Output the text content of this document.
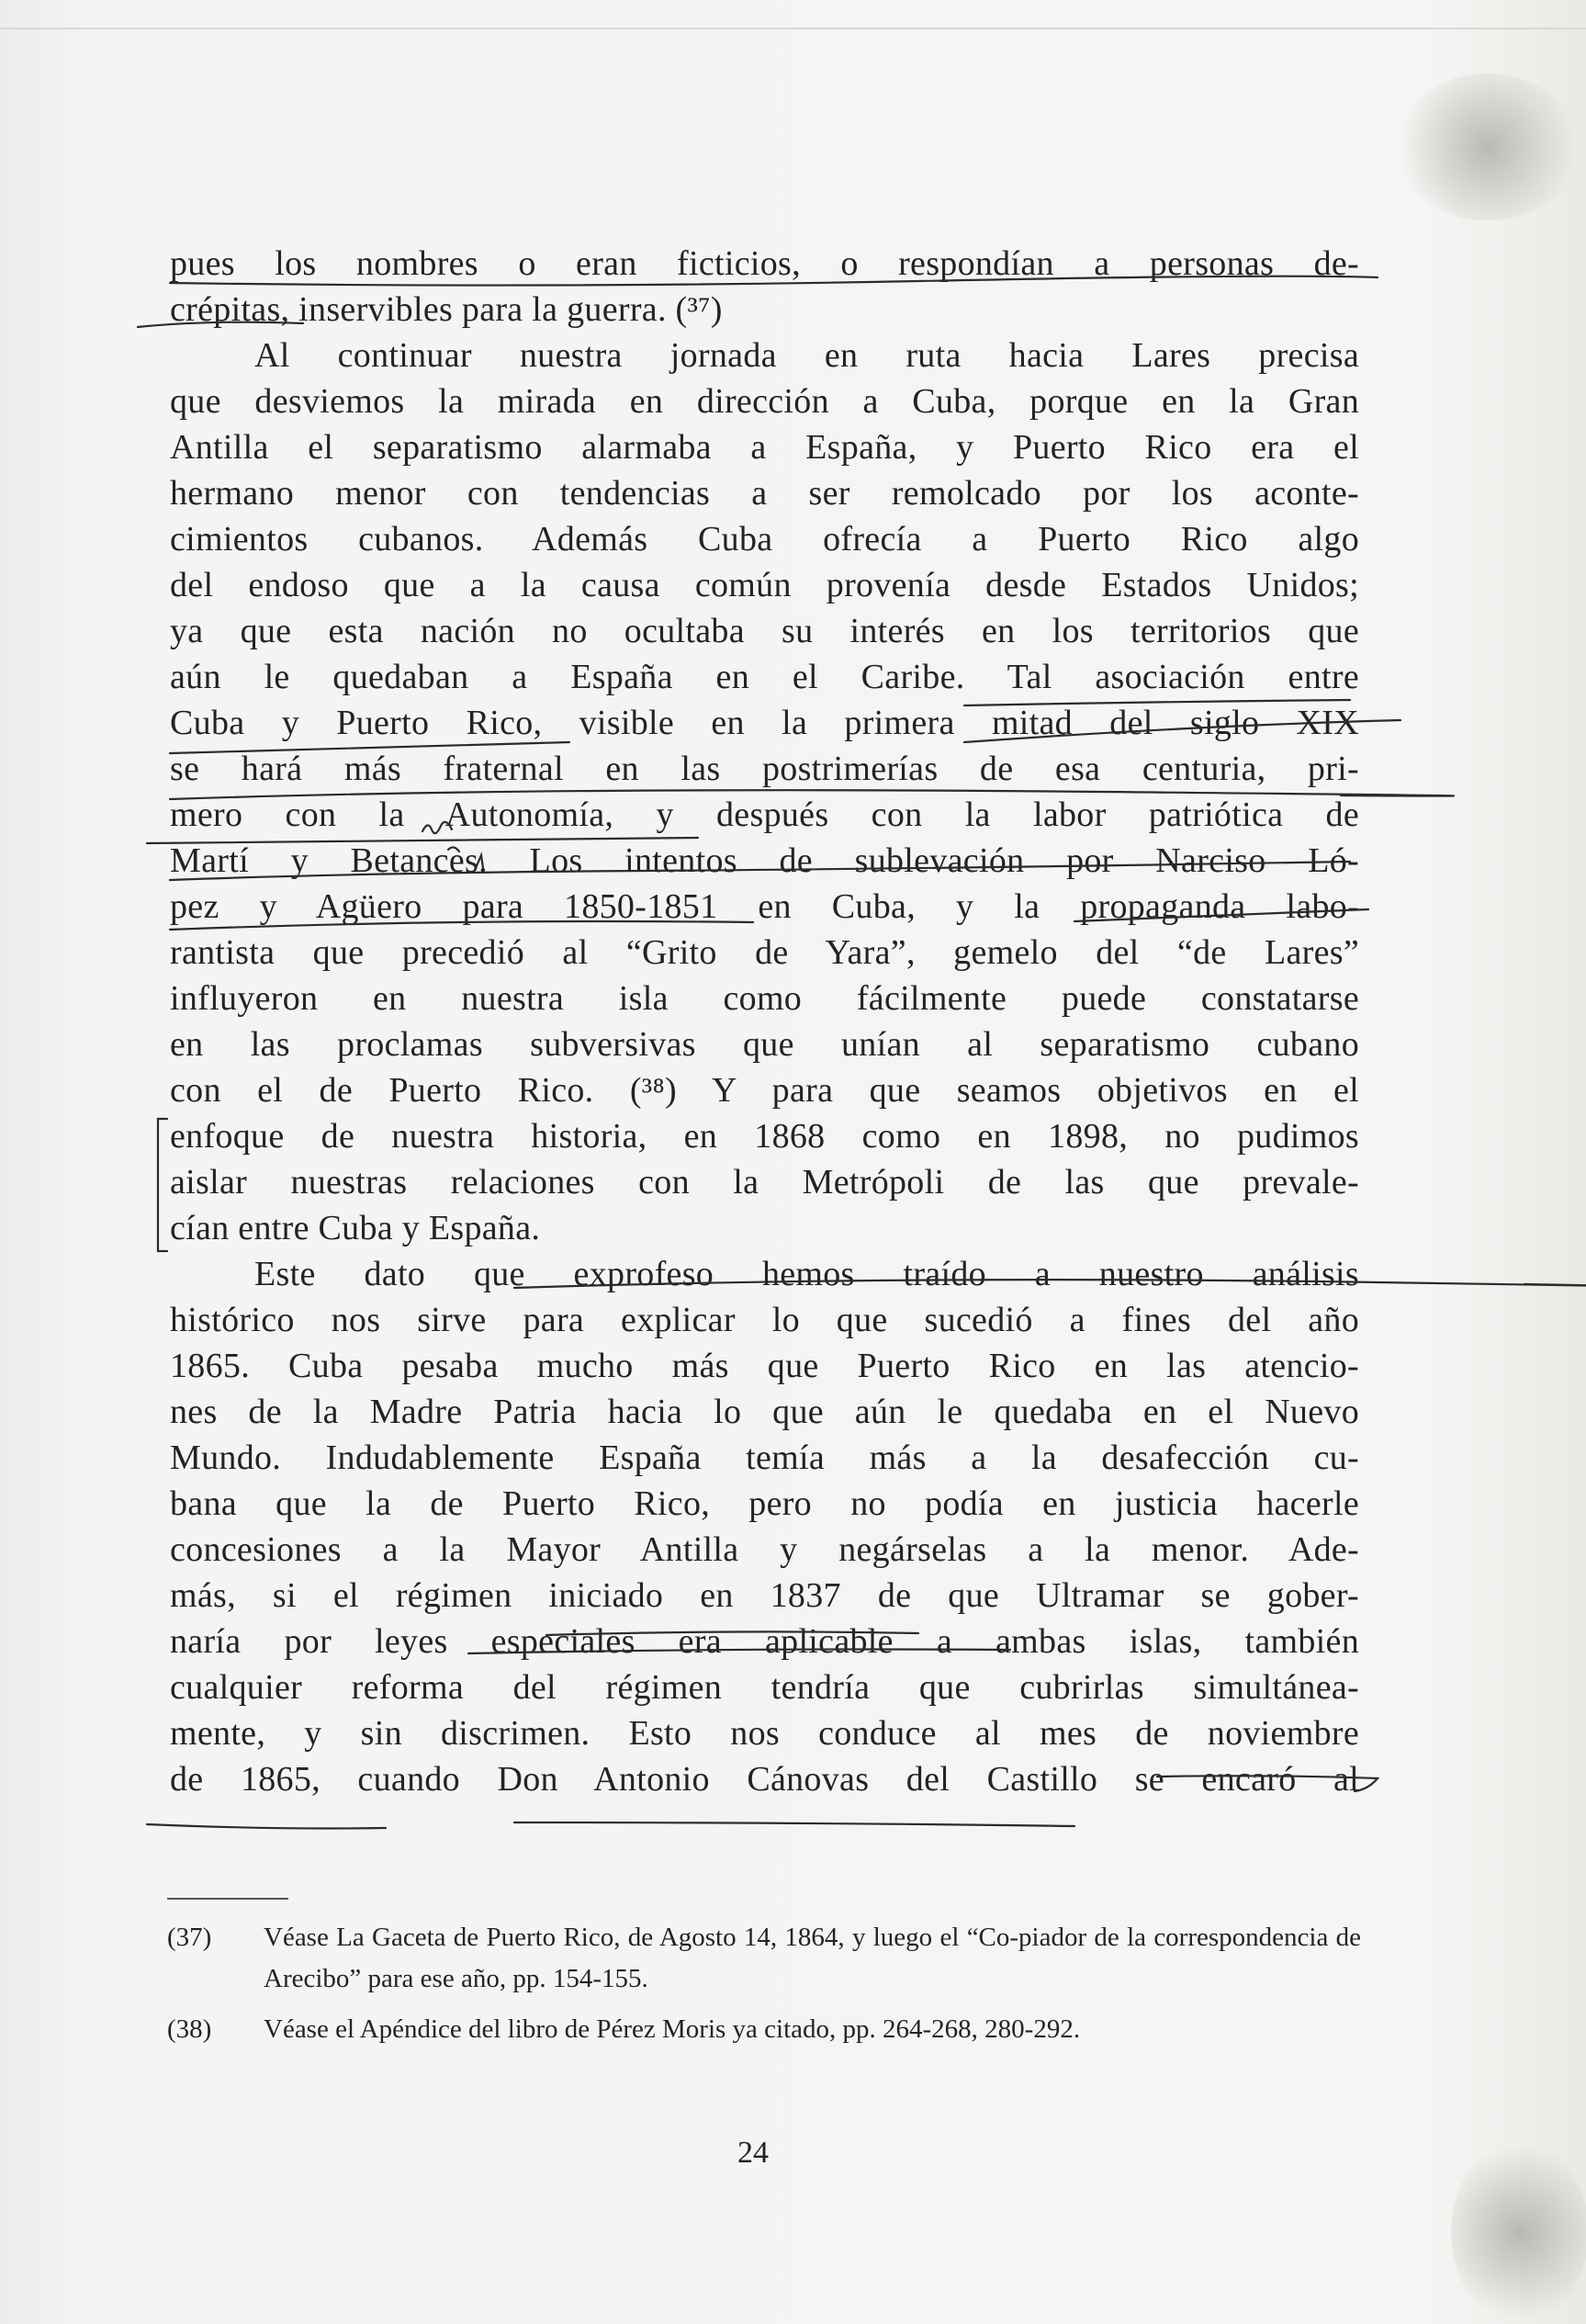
pues los nombres o eran ficticios, o respondían a personas de-
crépitas, inservibles para la guerra. (³⁷)
Al continuar nuestra jornada en ruta hacia Lares precisa
que desviemos la mirada en dirección a Cuba, porque en la Gran
Antilla el separatismo alarmaba a España, y Puerto Rico era el
hermano menor con tendencias a ser remolcado por los aconte-
cimientos cubanos. Además Cuba ofrecía a Puerto Rico algo
del endoso que a la causa común provenía desde Estados Unidos;
ya que esta nación no ocultaba su interés en los territorios que
aún le quedaban a España en el Caribe. Tal asociación entre
Cuba y Puerto Rico, visible en la primera mitad del siglo XIX
se hará más fraternal en las postrimerías de esa centuria, pri-
mero con la Autonomía, y después con la labor patriótica de
Martí y Betances. Los intentos de sublevación por Narciso Ló-
pez y Agüero para 1850-1851 en Cuba, y la propaganda labo-
rantista que precedió al “Grito de Yara”, gemelo del “de Lares”
influyeron en nuestra isla como fácilmente puede constatarse
en las proclamas subversivas que unían al separatismo cubano
con el de Puerto Rico. (³⁸) Y para que seamos objetivos en el
enfoque de nuestra historia, en 1868 como en 1898, no pudimos
aislar nuestras relaciones con la Metrópoli de las que prevale-
cían entre Cuba y España.
Este dato que exprofeso hemos traído a nuestro análisis
histórico nos sirve para explicar lo que sucedió a fines del año
1865. Cuba pesaba mucho más que Puerto Rico en las atencio-
nes de la Madre Patria hacia lo que aún le quedaba en el Nuevo
Mundo. Indudablemente España temía más a la desafección cu-
bana que la de Puerto Rico, pero no podía en justicia hacerle
concesiones a la Mayor Antilla y negárselas a la menor. Ade-
más, si el régimen iniciado en 1837 de que Ultramar se gober-
naría por leyes especiales era aplicable a ambas islas, también
cualquier reforma del régimen tendría que cubrirlas simultánea-
mente, y sin discrimen. Esto nos conduce al mes de noviembre
de 1865, cuando Don Antonio Cánovas del Castillo se encaró al
(37)	Véase La Gaceta de Puerto Rico, de Agosto 14, 1864, y luego el “Co-piador de la correspondencia de Arecibo” para ese año, pp. 154-155.
(38)	Véase el Apéndice del libro de Pérez Moris ya citado, pp. 264-268, 280-292.
24
